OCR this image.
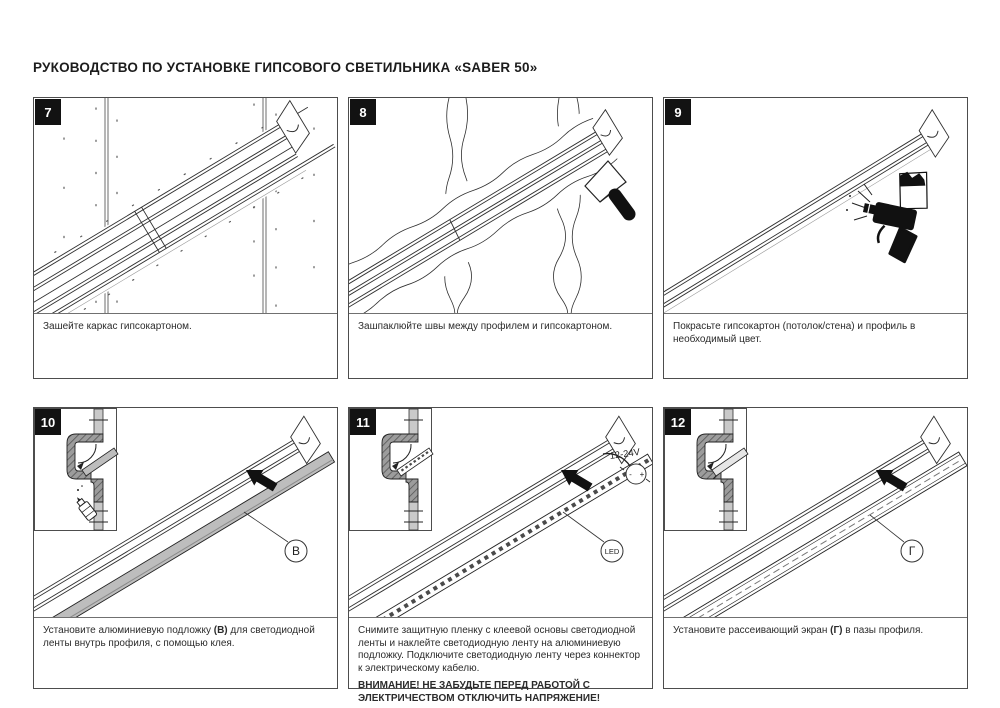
РУКОВОДСТВО ПО УСТАНОВКЕ ГИПСОВОГО СВЕТИЛЬНИКА «SABER 50»
7
Зашейте каркас гипсокартоном.
8
Зашпаклюйте швы между профилем и гипсокартоном.
9
Покрасьте гипсокартон (потолок/стена) и профиль в необходимый цвет.
10
В
Установите алюминиевую подложку (В) для светодиодной ленты внутрь профиля, с помощью клея.
11
- +
12-24V
LED
Снимите защитную пленку с клеевой основы светодиодной ленты и наклейте светодиодную ленту на алюминиевую подложку. Подключите светодиодную ленту через коннектор к электрическому кабелю.
ВНИМАНИЕ! НЕ ЗАБУДЬТЕ ПЕРЕД РАБОТОЙ С ЭЛЕКТРИЧЕСТВОМ ОТКЛЮЧИТЬ НАПРЯЖЕНИЕ!
12
Г
Установите рассеивающий экран (Г) в пазы профиля.
